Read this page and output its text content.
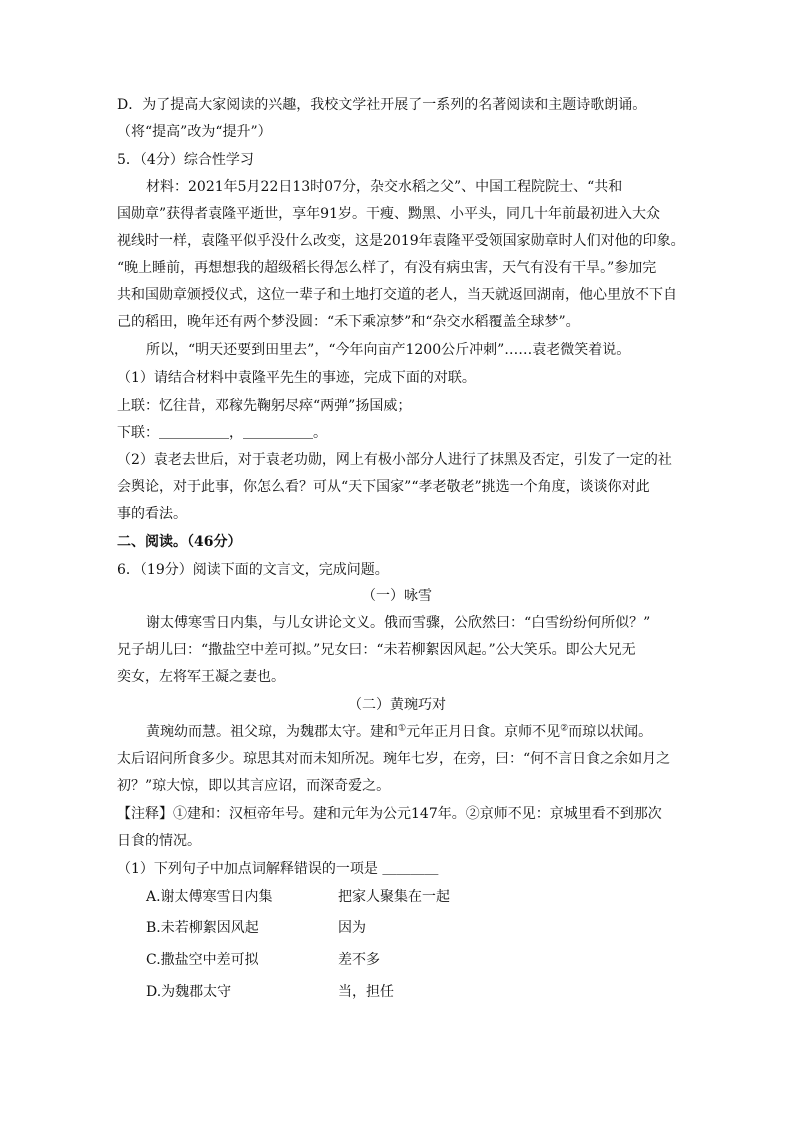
D．为了提高大家阅读的兴趣，我校文学社开展了一系列的名著阅读和主题诗歌朗诵。
（将“提高”改为“提升”）
5．（4分）综合性学习
材料：2021年5月22日13时07分，杂交水稻之父”、中国工程院院士、“共和
国勋章”获得者袁隆平逝世，享年91岁。干瘦、黝黑、小平头，同几十年前最初进入大众
视线时一样，袁隆平似乎没什么改变，这是2019年袁隆平受领国家勋章时人们对他的印象。
“晚上睡前，再想想我的超级稻长得怎么样了，有没有病虫害，天气有没有干旱。”参加完
共和国勋章颁授仪式，这位一辈子和土地打交道的老人，当天就返回湖南，他心里放不下自
己的稻田，晚年还有两个梦没圆：“禾下乘凉梦”和“杂交水稻覆盖全球梦”。
所以，“明天还要到田里去”，“今年向亩产1200公斤冲刺”……袁老微笑着说。
（1）请结合材料中袁隆平先生的事迹，完成下面的对联。
上联：忆往昔，邓稼先鞠躬尽瘁“两弹”扬国威；
下联：＿＿＿＿＿，＿＿＿＿＿。
（2）袁老去世后，对于袁老功勋，网上有极小部分人进行了抹黑及否定，引发了一定的社
会舆论，对于此事，你怎么看？可从“天下国家”“孝老敬老”挑选一个角度，谈谈你对此
事的看法。
二、阅读。（46分）
6．（19分）阅读下面的文言文，完成问题。
（一）咏雪
谢太傅寒雪日内集，与儿女讲论文义。俄而雪骤，公欣然曰：“白雪纷纷何所似？”
兄子胡儿曰：“撒盐空中差可拟。”兄女曰：“未若柳絮因风起。”公大笑乐。即公大兄无
奕女，左将军王凝之妻也。
（二）黄琬巧对
黄琬幼而慧。祖父琼，为魏郡太守。建和①元年正月日食。京师不见②而琼以状闻。
太后诏问所食多少。琼思其对而未知所况。琬年七岁，在旁，曰：“何不言日食之余如月之
初？”琼大惊，即以其言应诏，而深奇爱之。
【注释】①建和：汉桓帝年号。建和元年为公元147年。②京师不见：京城里看不到那次
日食的情况。
（1）下列句子中加点词解释错误的一项是 ＿＿＿＿
A.谢太傅寒雪日内集	把家人聚集在一起
B.未若柳絮因风起	因为
C.撒盐空中差可拟	差不多
D.为魏郡太守	当，担任
